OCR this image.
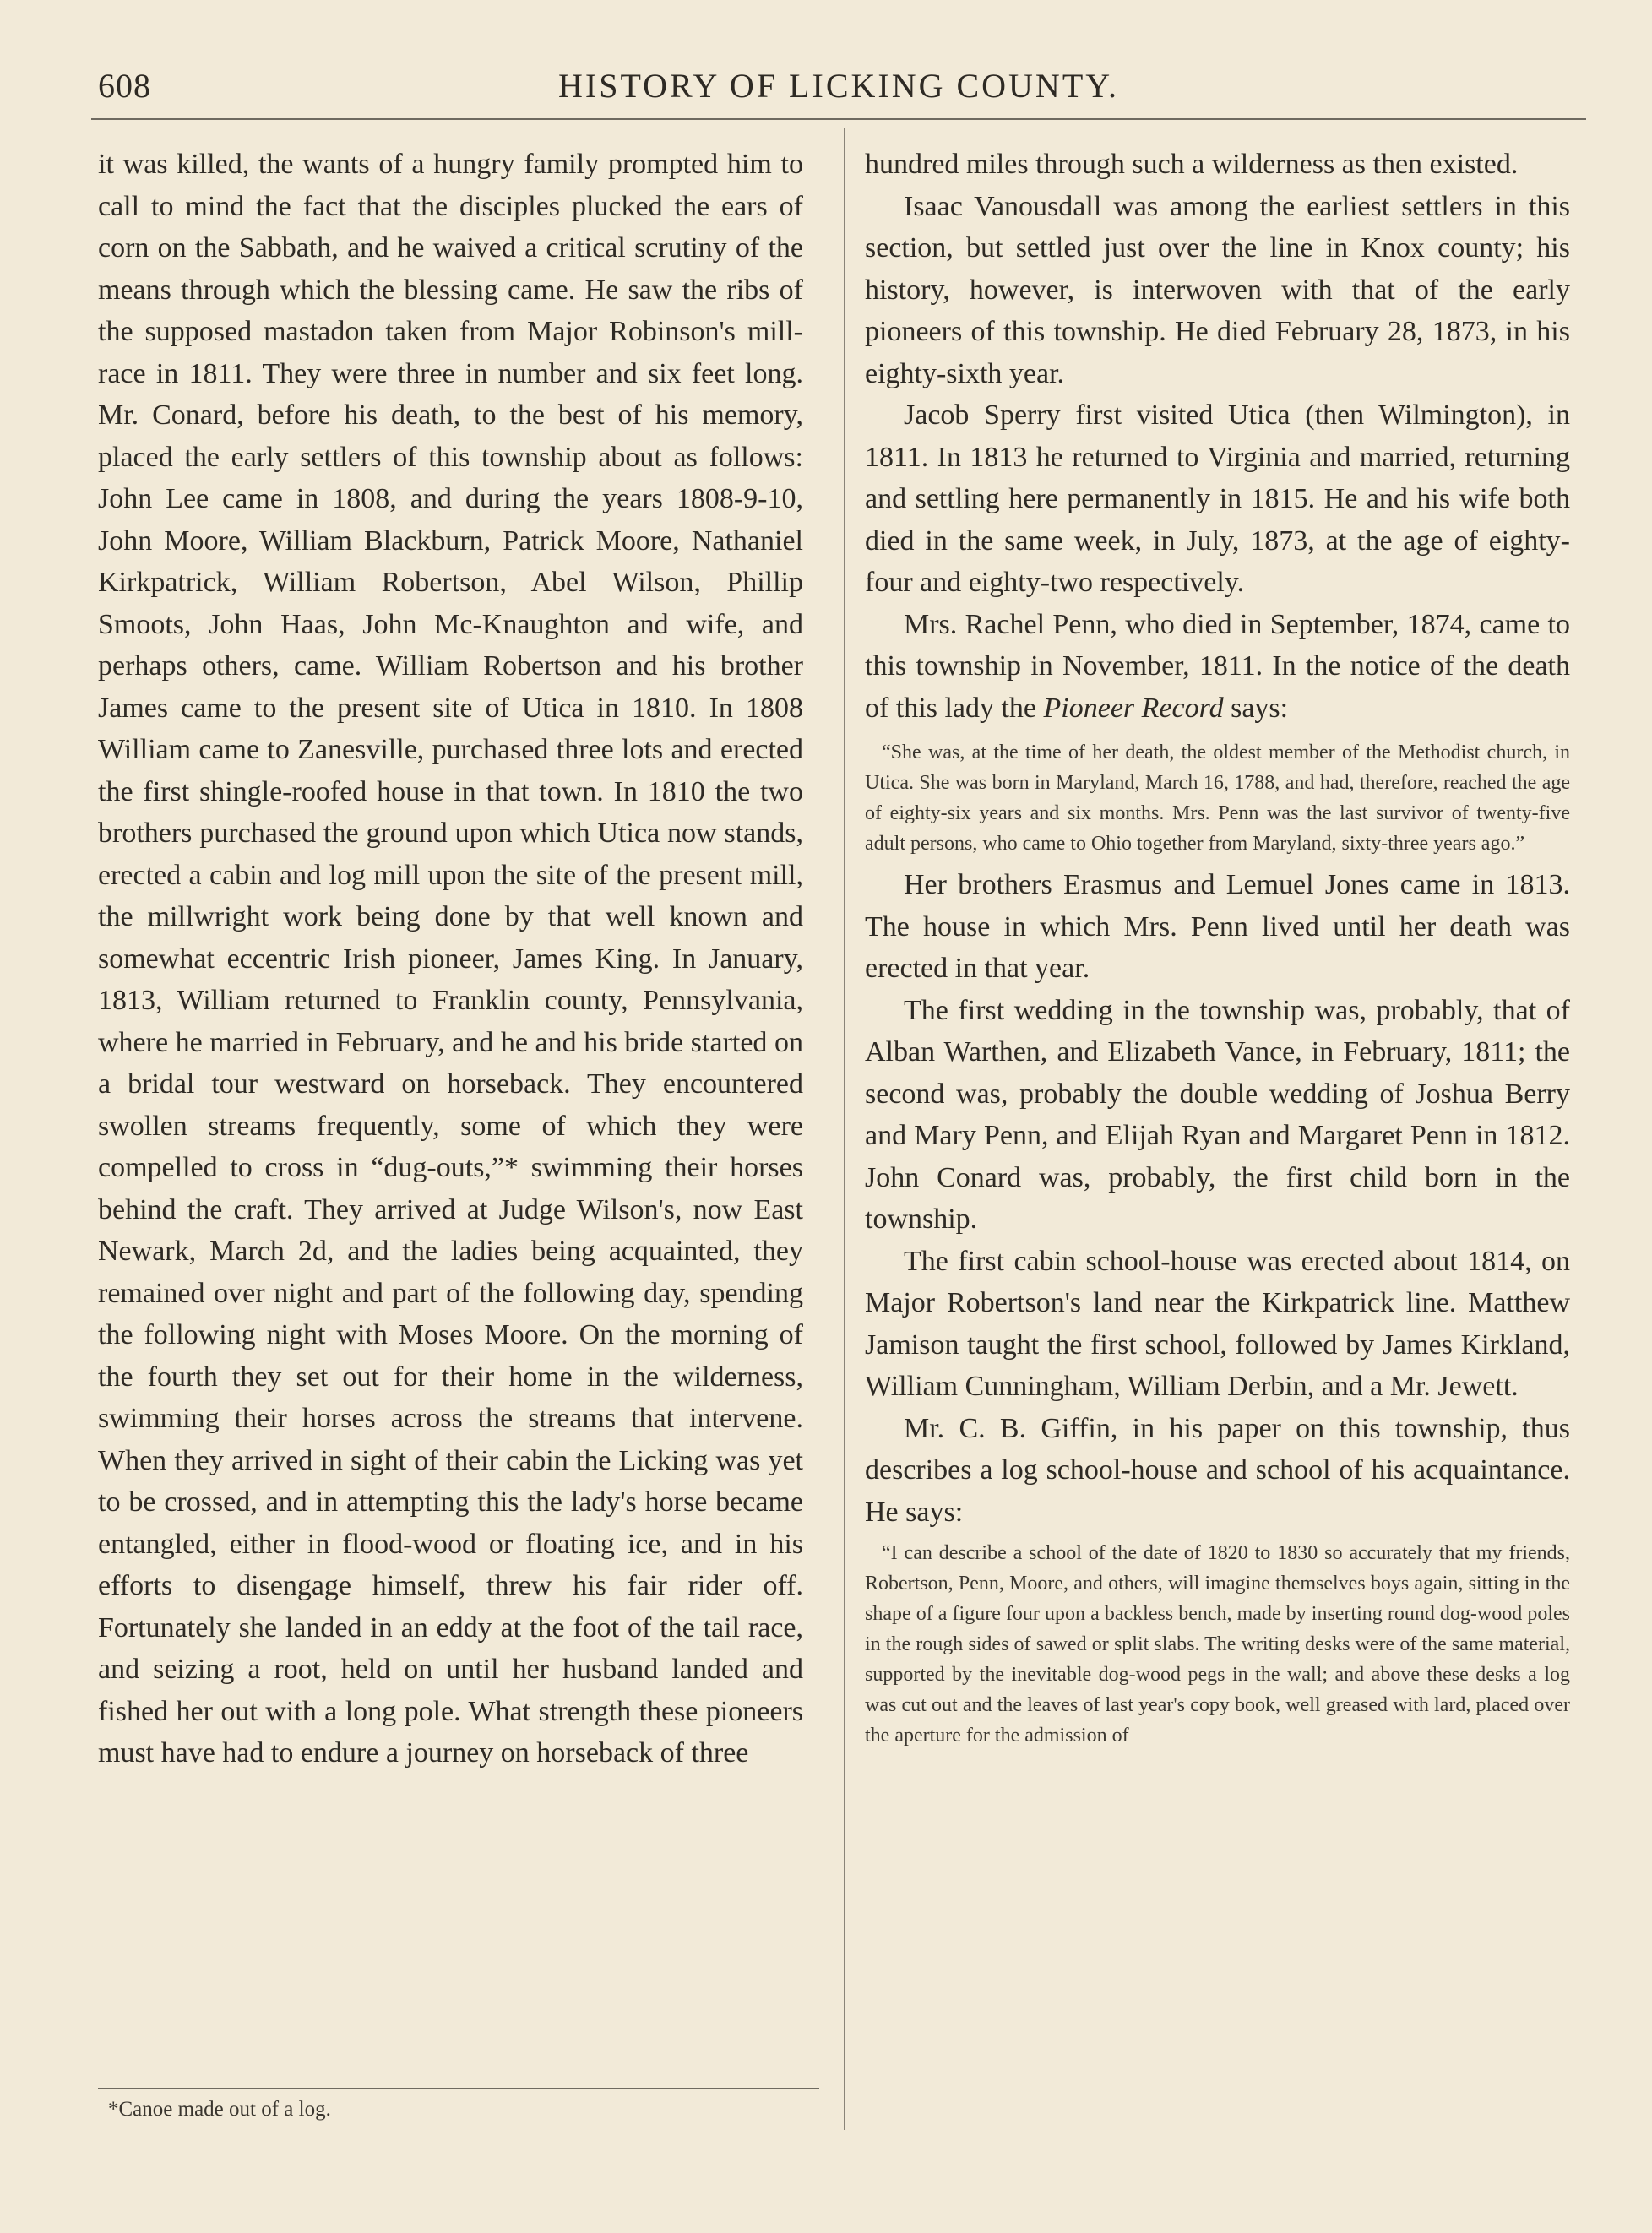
608	HISTORY OF LICKING COUNTY.

it was killed, the wants of a hungry family prompted him to call to mind the fact that the disciples plucked the ears of corn on the Sabbath, and he waived a critical scrutiny of the means through which the blessing came. He saw the ribs of the supposed mastadon taken from Major Robinson's mill-race in 1811. They were three in number and six feet long. Mr. Conard, before his death, to the best of his memory, placed the early settlers of this township about as follows: John Lee came in 1808, and during the years 1808-9-10, John Moore, William Blackburn, Patrick Moore, Nathaniel Kirkpatrick, William Robertson, Abel Wilson, Phillip Smoots, John Haas, John Mc-Knaughton and wife, and perhaps others, came. William Robertson and his brother James came to the present site of Utica in 1810. In 1808 William came to Zanesville, purchased three lots and erected the first shingle-roofed house in that town. In 1810 the two brothers purchased the ground upon which Utica now stands, erected a cabin and log mill upon the site of the present mill, the millwright work being done by that well known and somewhat eccentric Irish pioneer, James King. In January, 1813, William returned to Franklin county, Pennsylvania, where he married in February, and he and his bride started on a bridal tour westward on horseback. They encountered swollen streams frequently, some of which they were compelled to cross in “dug-outs,”* swimming their horses behind the craft. They arrived at Judge Wilson's, now East Newark, March 2d, and the ladies being acquainted, they remained over night and part of the following day, spending the following night with Moses Moore. On the morning of the fourth they set out for their home in the wilderness, swimming their horses across the streams that intervene. When they arrived in sight of their cabin the Licking was yet to be crossed, and in attempting this the lady's horse became entangled, either in flood-wood or floating ice, and in his efforts to disengage himself, threw his fair rider off. Fortunately she landed in an eddy at the foot of the tail race, and seizing a root, held on until her husband landed and fished her out with a long pole. What strength these pioneers must have had to endure a journey on horseback of three

hundred miles through such a wilderness as then existed.

Isaac Vanousdall was among the earliest settlers in this section, but settled just over the line in Knox county; his history, however, is interwoven with that of the early pioneers of this township. He died February 28, 1873, in his eighty-sixth year.

Jacob Sperry first visited Utica (then Wilmington), in 1811. In 1813 he returned to Virginia and married, returning and settling here permanently in 1815. He and his wife both died in the same week, in July, 1873, at the age of eighty-four and eighty-two respectively.

Mrs. Rachel Penn, who died in September, 1874, came to this township in November, 1811. In the notice of the death of this lady the Pioneer Record says:

“She was, at the time of her death, the oldest member of the Methodist church, in Utica. She was born in Maryland, March 16, 1788, and had, therefore, reached the age of eighty-six years and six months. Mrs. Penn was the last survivor of twenty-five adult persons, who came to Ohio together from Maryland, sixty-three years ago.”

Her brothers Erasmus and Lemuel Jones came in 1813. The house in which Mrs. Penn lived until her death was erected in that year.

The first wedding in the township was, probably, that of Alban Warthen, and Elizabeth Vance, in February, 1811; the second was, probably the double wedding of Joshua Berry and Mary Penn, and Elijah Ryan and Margaret Penn in 1812. John Conard was, probably, the first child born in the township.

The first cabin school-house was erected about 1814, on Major Robertson's land near the Kirkpatrick line. Matthew Jamison taught the first school, followed by James Kirkland, William Cunningham, William Derbin, and a Mr. Jewett.

Mr. C. B. Giffin, in his paper on this township, thus describes a log school-house and school of his acquaintance. He says:

“I can describe a school of the date of 1820 to 1830 so accurately that my friends, Robertson, Penn, Moore, and others, will imagine themselves boys again, sitting in the shape of a figure four upon a backless bench, made by inserting round dog-wood poles in the rough sides of sawed or split slabs. The writing desks were of the same material, supported by the inevitable dog-wood pegs in the wall; and above these desks a log was cut out and the leaves of last year's copy book, well greased with lard, placed over the aperture for the admission of

*Canoe made out of a log.
